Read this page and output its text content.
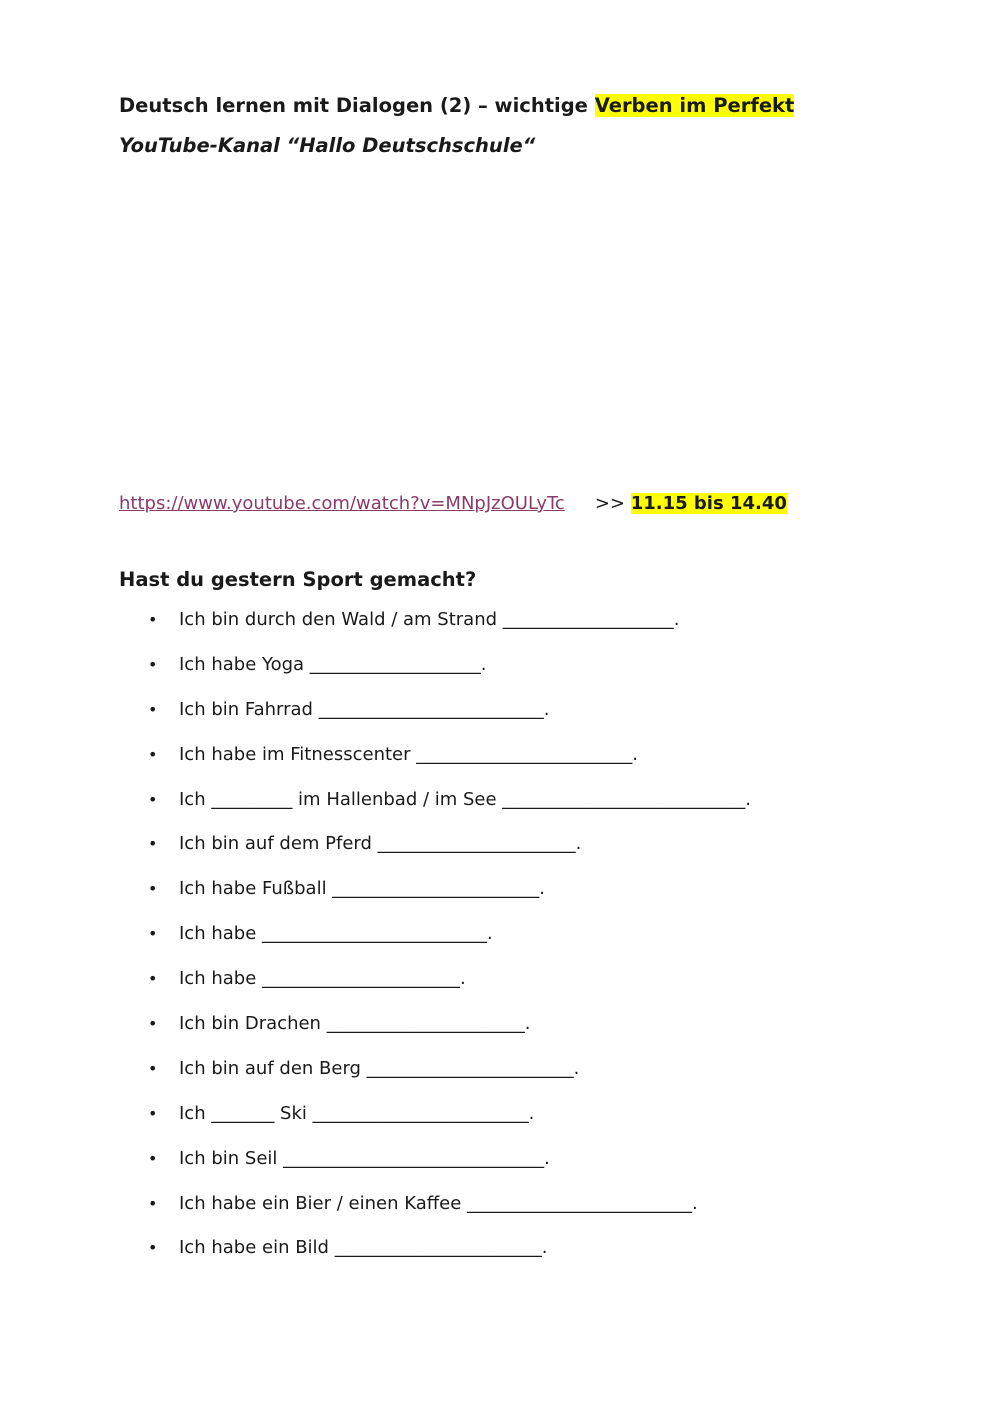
Deutsch lernen mit Dialogen (2) – wichtige Verben im Perfekt
YouTube-Kanal “Hallo Deutschschule“
https://www.youtube.com/watch?v=MNpJzOULyTc >> 11.15 bis 14.40
Hast du gestern Sport gemacht?
• Ich bin durch den Wald / am Strand ___________________.
• Ich habe Yoga ___________________.
• Ich bin Fahrrad _________________________.
• Ich habe im Fitnesscenter ________________________.
• Ich _________ im Hallenbad / im See ___________________________.
• Ich bin auf dem Pferd ______________________.
• Ich habe Fußball _______________________.
• Ich habe _________________________.
• Ich habe ______________________.
• Ich bin Drachen ______________________.
• Ich bin auf den Berg _______________________.
• Ich _______ Ski ________________________.
• Ich bin Seil _____________________________.
• Ich habe ein Bier / einen Kaffee _________________________.
• Ich habe ein Bild _______________________.
